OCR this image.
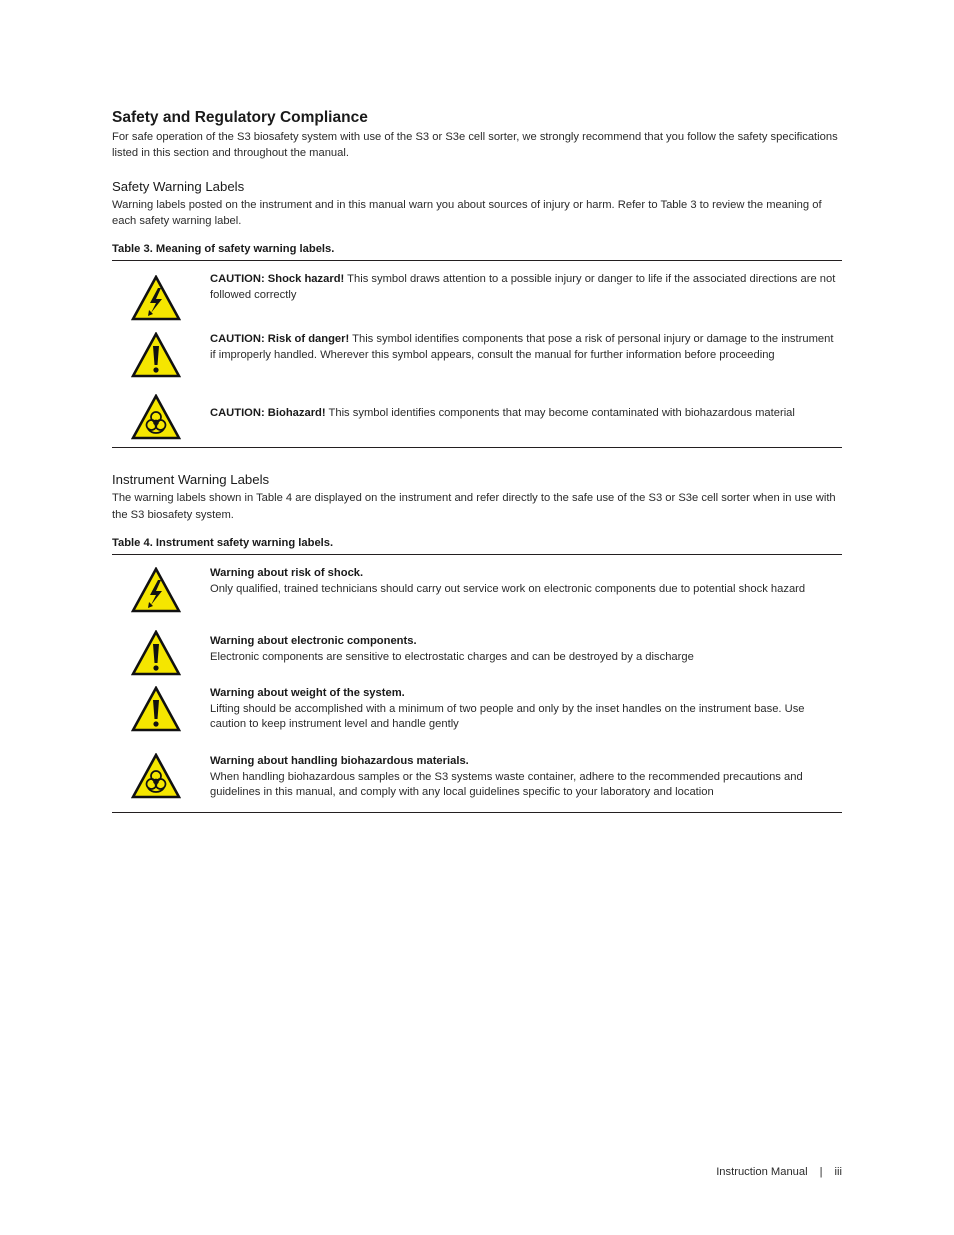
Safety and Regulatory Compliance
For safe operation of the S3 biosafety system with use of the S3 or S3e cell sorter, we strongly recommend that you follow the safety specifications listed in this section and throughout the manual.
Safety Warning Labels
Warning labels posted on the instrument and in this manual warn you about sources of injury or harm. Refer to Table 3 to review the meaning of each safety warning label.
Table 3. Meaning of safety warning labels.
CAUTION: Shock hazard! This symbol draws attention to a possible injury or danger to life if the associated directions are not followed correctly
CAUTION: Risk of danger! This symbol identifies components that pose a risk of personal injury or damage to the instrument if improperly handled. Wherever this symbol appears, consult the manual for further information before proceeding
CAUTION: Biohazard! This symbol identifies components that may become contaminated with biohazardous material
Instrument Warning Labels
The warning labels shown in Table 4 are displayed on the instrument and refer directly to the safe use of the S3 or S3e cell sorter when in use with the S3 biosafety system.
Table 4. Instrument safety warning labels.
Warning about risk of shock.
Only qualified, trained technicians should carry out service work on electronic components due to potential shock hazard
Warning about electronic components.
Electronic components are sensitive to electrostatic charges and can be destroyed by a discharge
Warning about weight of the system.
Lifting should be accomplished with a minimum of two people and only by the inset handles on the instrument base. Use caution to keep instrument level and handle gently
Warning about handling biohazardous materials.
When handling biohazardous samples or the S3 systems waste container, adhere to the recommended precautions and guidelines in this manual, and comply with any local guidelines specific to your laboratory and location
Instruction Manual | iii
